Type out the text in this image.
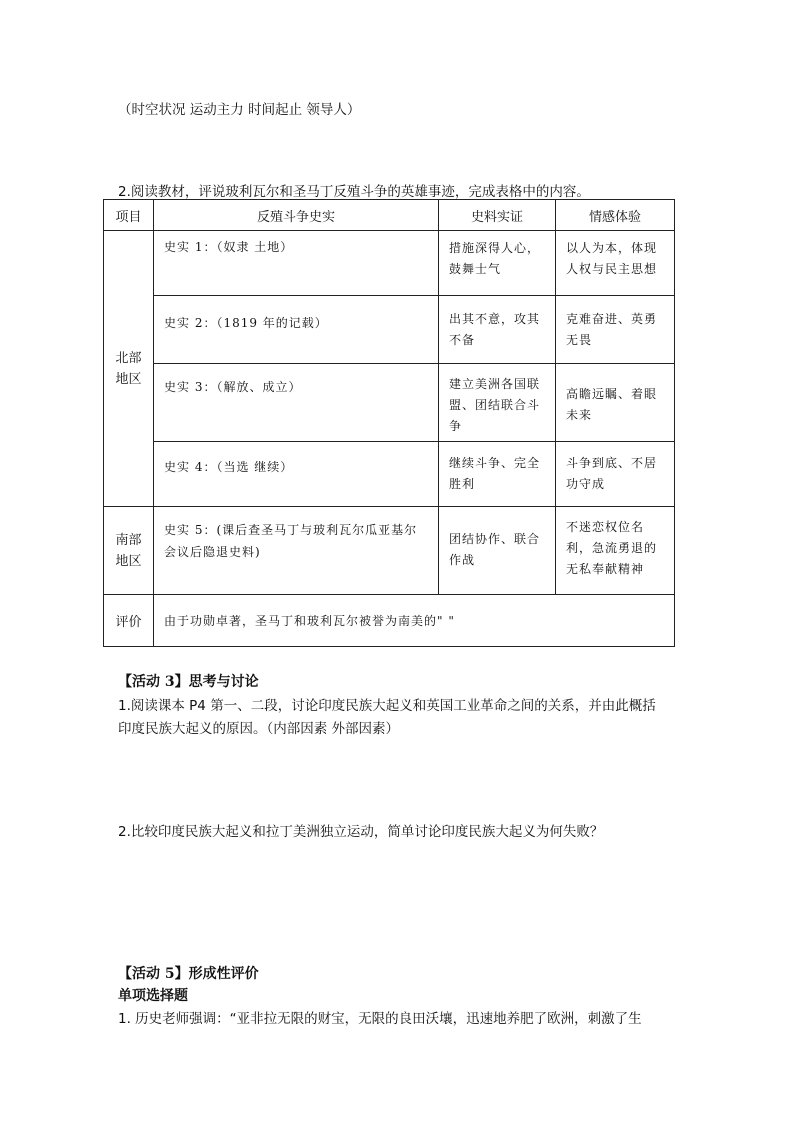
（时空状况 运动主力 时间起止 领导人）
2.阅读教材，评说玻利瓦尔和圣马丁反殖斗争的英雄事迹，完成表格中的内容。
项目	反殖斗争史实	史料实证	情感体验

北部
地区	史实 1：（奴隶 土地）	措施深得人心，鼓舞士气	以人为本，体现人权与民主思想
	史实 2：（1819 年的记载）	出其不意，攻其不备	克难奋进、英勇无畏
	史实 3：（解放、成立）	建立美洲各国联盟、团结联合斗争	高瞻远瞩、着眼未来
	史实 4：（当选 继续）	继续斗争、完全胜利	斗争到底、不居功守成

南部
地区	史实 5：(课后查圣马丁与玻利瓦尔瓜亚基尔会议后隐退史料)	团结协作、联合作战	不迷恋权位名利，急流勇退的无私奉献精神
评价	由于功勋卓著，圣马丁和玻利瓦尔被誉为南美的" "		
【活动 3】思考与讨论
1.阅读课本 P4 第一、二段，讨论印度民族大起义和英国工业革命之间的关系，并由此概括
印度民族大起义的原因。（内部因素 外部因素）
2.比较印度民族大起义和拉丁美洲独立运动，简单讨论印度民族大起义为何失败？
【活动 5】形成性评价
单项选择题
1. 历史老师强调：“亚非拉无限的财宝，无限的良田沃壤，迅速地养肥了欧洲，刺激了生
